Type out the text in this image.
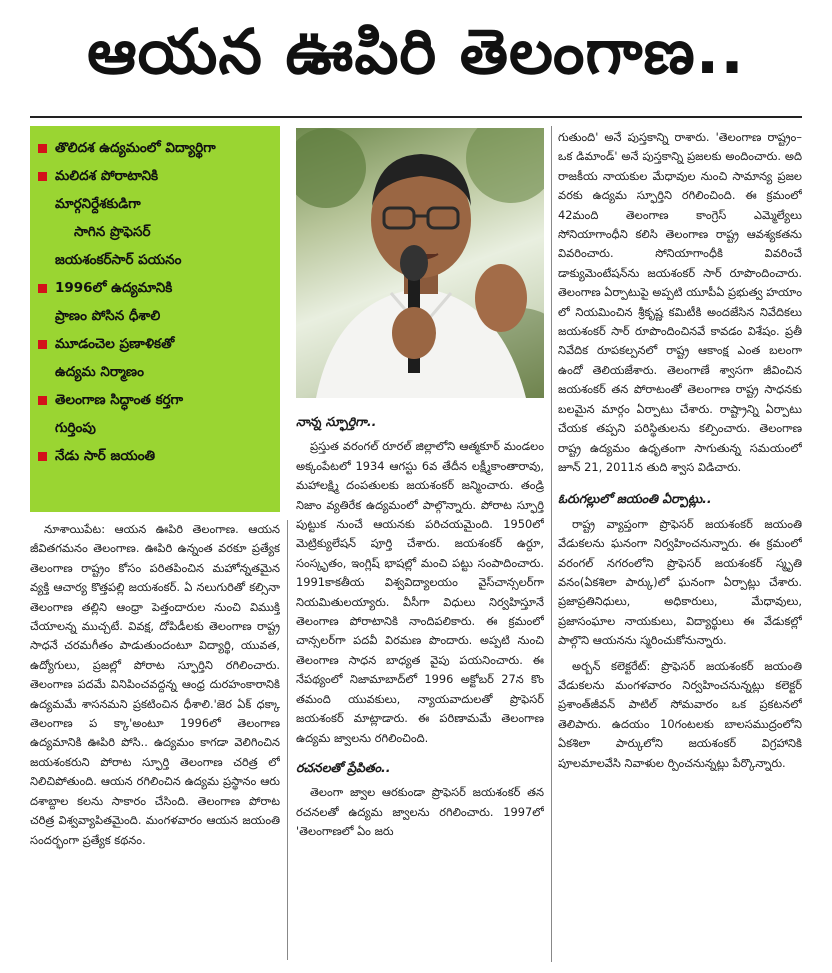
ఆయన ఊపిరి తెలంగాణ..
తొలిదశ ఉద్యమంలో విద్యార్థిగా
మలిదశ పోరాటానికి
మార్గనిర్దేశకుడిగా
సాగిన ప్రొఫెసర్
జయశంకర్‌సార్ పయనం
1996లో ఉద్యమానికి
ప్రాణం పోసిన ధీశాలి
మూడంచెల ప్రణాళికతో
ఉద్యమ నిర్మాణం
తెలంగాణ సిద్ధాంత కర్తగా
గుర్తింపు
నేడు సార్ జయంతి

నూశాయిపేట: ఆయన ఊపిరి తెలంగాణ. ఆయన జీవితగమనం తెలంగాణ. ఊపిరి ఉన్నంత వరకూ ప్రత్యేక తెలంగాణ రాష్ట్రం కోసం పరితపించిన మహోన్నతమైన వ్యక్తి ఆచార్య కొత్తపల్లి జయశంకర్. ఏ నలుగురితో కల్సినా తెలంగాణ తల్లిని ఆంధ్రా పెత్తందారుల నుంచి విముక్తి చేయాలన్న ముచ్చటే. వివక్ష, దోపిడీలకు తెలంగాణ రాష్ట్ర సాధనే చరమగీతం పాడుతుందంటూ విద్యార్థి, యువత, ఉద్యోగులు, ప్రజల్లో పోరాట స్ఫూర్తిని రగిలించారు. తెలంగాణ పదమే వినిపించవద్దన్న ఆంధ్ర దురహంకారానికి ఉద్యమమే శాసనమని ప్రకటించిన ధీశాలి.'జెర ఏక్ ధక్కా తెలంగాణ ప క్కా'అంటూ 1996లో తెలంగాణ ఉద్యమానికి ఊపిరి పోసి.. ఉద్యమం కాగడా వెలిగించిన జయశంకరుని పోరాట స్ఫూర్తి తెలంగాణ చరిత్ర లో నిలిచిపోతుంది. ఆయన రగిలించిన ఉద్యమ ప్రస్థానం ఆరు దశాబ్దాల కలను సాకారం చేసింది. తెలంగాణ పోరాట చరిత్ర విశ్వవ్యాపితమైంది. మంగళవారం ఆయన జయంతి సందర్భంగా ప్రత్యేక కథనం.

నాన్న స్ఫూర్తిగా..

ప్రస్తుత వరంగల్ రూరల్ జిల్లాలోని ఆత్మకూర్ మండలం అక్కంపేటలో 1934 ఆగస్టు 6వ తేదీన లక్ష్మీకాంతారావు, మహాలక్ష్మి దంపతులకు జయశంకర్ జన్మించారు. తండ్రి నిజాం వ్యతిరేక ఉద్యమంలో పాల్గొన్నారు. పోరాట స్ఫూర్తి పుట్టుక నుంచే ఆయనకు పరిచయమైంది. 1950లో మెట్రిక్యులేషన్ పూర్తి చేశారు. జయశంకర్ ఉర్దూ, సంస్కృతం, ఇంగ్లిష్ భాషల్లో మంచి పట్టు సంపాదించారు. 1991కాకతీయ విశ్వవిద్యాలయం వైస్‌చాన్సలర్‌గా నియమితులయ్యారు. వీసీగా విధులు నిర్వహిస్తూనే తెలంగాణ పోరాటానికి నాందిపలికారు. ఈ క్రమంలో చాన్సలర్‌గా పదవీ విరమణ పొందారు. అప్పటి నుంచి తెలంగాణ సాధన బాధ్యత వైపు పయనించారు. ఈ నేపథ్యంలో నిజామాబాద్‌లో 1996 అక్టోబర్ 27న కొం తమంది యువకులు, న్యాయవాదులతో ప్రొఫెసర్ జయశంకర్ మాట్లాడారు. ఈ పరిణామమే తెలంగాణ ఉద్యమ జ్వాలను రగిలించింది.

రచనలతో ప్రేపితం..

తెలంగా జ్వాల ఆరకుండా ప్రొఫెసర్ జయశంకర్ తన రచనలతో ఉద్యమ జ్వాలను రగిలించారు. 1997లో 'తెలంగాణలో ఏం జరు

గుతుంది' అనే పుస్తకాన్ని రాశారు. 'తెలంగాణ రాష్ట్రం–ఒక డిమాండ్' అనే పుస్తకాన్ని ప్రజలకు అందించారు. అది రాజకీయ నాయకుల మేధావుల నుంచి సామాన్య ప్రజల వరకు ఉద్యమ స్ఫూర్తిని రగిలించింది. ఈ క్రమంలో 42మంది తెలంగాణ కాంగ్రెస్ ఎమ్మెల్యేలు సోనియాగాంధీని కలిసి తెలంగాణ రాష్ట్ర ఆవశ్యకతను వివరించారు. సోనియాగాంధీకి వివరించే డాక్యుమెంటేషన్‌ను జయశంకర్ సార్ రూపొందించారు. తెలంగాణ ఏర్పాటుపై అప్పటి యూపీఏ ప్రభుత్వ హయాం లో నియమించిన శ్రీకృష్ణ కమిటీకి అందజేసిన నివేదికలు జయశంకర్ సార్ రూపొందించినవే కావడం విశేషం. ప్రతీ నివేదిక రూపకల్పనలో రాష్ట్ర ఆకాంక్ష ఎంత బలంగా ఉందో తెలియజేశారు. తెలంగాణే శ్వాసగా జీవించిన జయశంకర్ తన పోరాటంతో తెలంగాణ రాష్ట్ర సాధనకు బలమైన మార్గం ఏర్పాటు చేశారు. రాష్ట్రాన్ని ఏర్పాటు చేయక తప్పని పరిస్థితులను కల్పించారు. తెలంగాణ రాష్ట్ర ఉద్యమం ఉధృతంగా సాగుతున్న సమయంలో జూన్ 21, 2011న తుది శ్వాస విడిచారు.

ఓరుగల్లులో జయంతి ఏర్పాట్లు..

రాష్ట్ర వ్యాప్తంగా ప్రొఫెసర్ జయశంకర్ జయంతి వేడుకలను ఘనంగా నిర్వహించనున్నారు. ఈ క్రమంలో వరంగల్ నగరంలోని ప్రొఫెసర్ జయశంకర్ స్మృతి వనం(ఏకశిలా పార్కు)లో ఘనంగా ఏర్పాట్లు చేశారు. ప్రజాప్రతినిధులు, అధికారులు, మేధావులు, ప్రజాసంఘాల నాయకులు, విద్యార్థులు ఈ వేడుకల్లో పాల్గొని ఆయనను స్మరించుకోనున్నారు.

అర్బన్ కలెక్టరేట్: ప్రొఫెసర్ జయశంకర్ జయంతి వేడుకలను మంగళవారం నిర్వహించనున్నట్లు కలెక్టర్ ప్రశాంత్‌జీవన్ పాటిల్ సోమవారం ఒక ప్రకటనలో తెలిపారు. ఉదయం 10గంటలకు బాలసముద్రంలోని ఏకశిలా పార్కులోని జయశంకర్ విగ్రహానికి పూలమాలవేసి నివాళుల ర్పించనున్నట్లు పేర్కొన్నారు.
